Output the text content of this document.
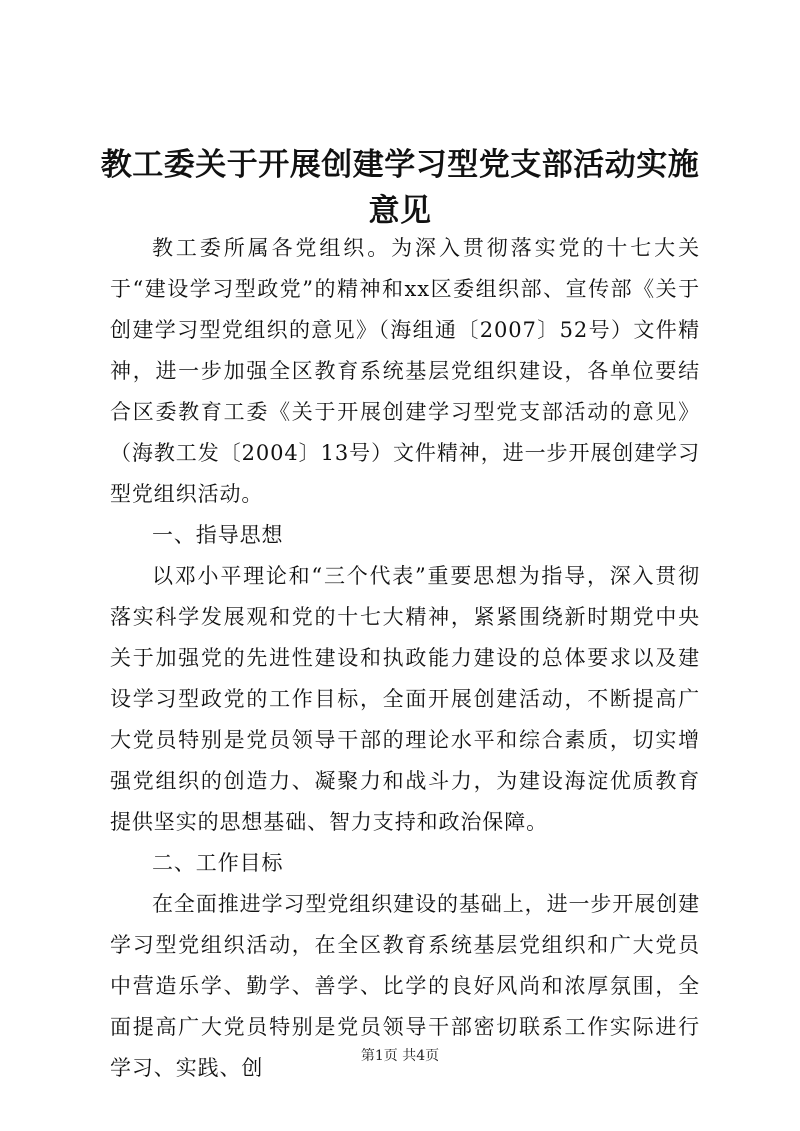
教工委关于开展创建学习型党支部活动实施意见

教工委所属各党组织。为深入贯彻落实党的十七大关于“建设学习型政党”的精神和xx区委组织部、宣传部《关于创建学习型党组织的意见》（海组通〔2007〕52号）文件精神，进一步加强全区教育系统基层党组织建设，各单位要结合区委教育工委《关于开展创建学习型党支部活动的意见》（海教工发〔2004〕13号）文件精神，进一步开展创建学习型党组织活动。

一、指导思想

以邓小平理论和“三个代表”重要思想为指导，深入贯彻落实科学发展观和党的十七大精神，紧紧围绕新时期党中央关于加强党的先进性建设和执政能力建设的总体要求以及建设学习型政党的工作目标，全面开展创建活动，不断提高广大党员特别是党员领导干部的理论水平和综合素质，切实增强党组织的创造力、凝聚力和战斗力，为建设海淀优质教育提供坚实的思想基础、智力支持和政治保障。

二、工作目标

在全面推进学习型党组织建设的基础上，进一步开展创建学习型党组织活动，在全区教育系统基层党组织和广大党员中营造乐学、勤学、善学、比学的良好风尚和浓厚氛围，全面提高广大党员特别是党员领导干部密切联系工作实际进行学习、实践、创	第1页 共4页
